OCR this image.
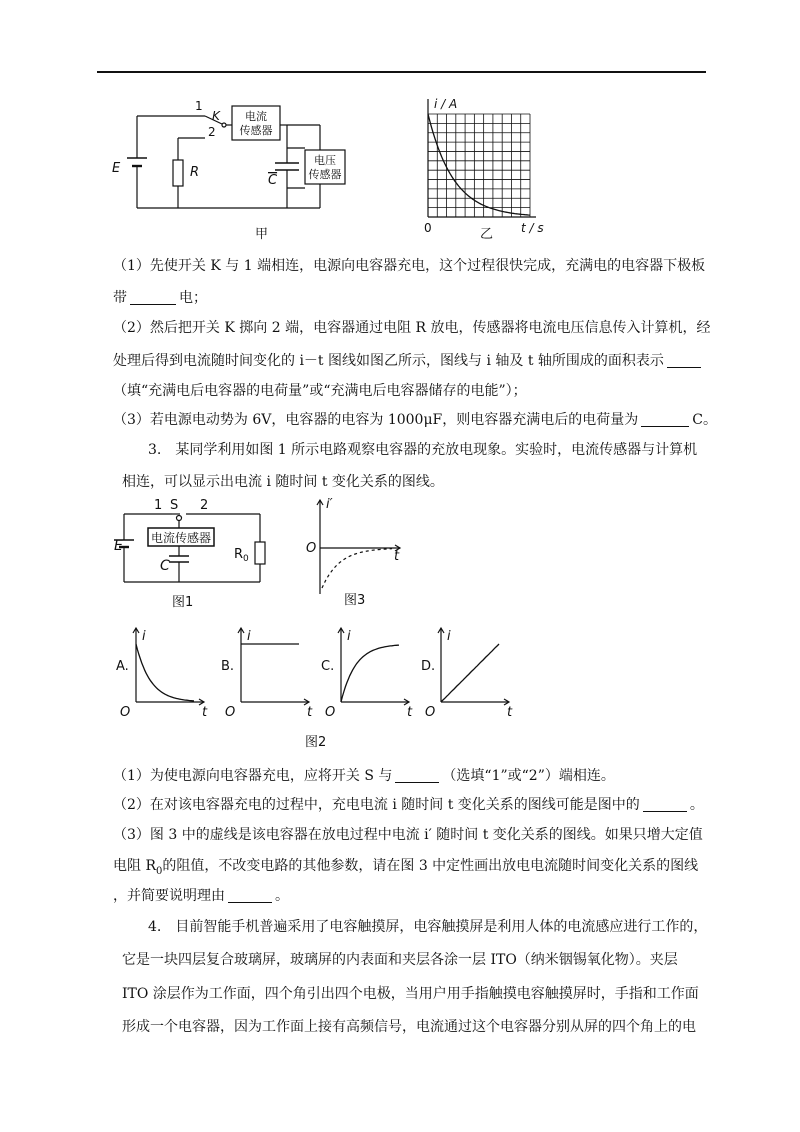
1
K
2
E	R
C
电流
传感器
电压
传感器
甲
i / A
0	t / s
乙
（1）先使开关 K 与 1 端相连，电源向电容器充电，这个过程很快完成，充满电的电容器下极板
带	电；
（2）然后把开关 K 掷向 2 端，电容器通过电阻 R 放电，传感器将电流电压信息传入计算机，经
处理后得到电流随时间变化的 i－t 图线如图乙所示，图线与 i 轴及 t 轴所围成的面积表示
（填“充满电后电容器的电荷量”或“充满电后电容器储存的电能”）；
（3）若电源电动势为 6V，电容器的电容为 1000μF，则电容器充满电后的电荷量为	C。
3.　某同学利用如图 1 所示电路观察电容器的充放电现象。实验时，电流传感器与计算机
相连，可以显示出电流 i 随时间 t 变化关系的图线。
1 S 2
E 电流传感器
C
$R_0$
图1
i′
O
t
图3
A.
i
O	t
B.
i
O	t
C.
i
O	t
D.
i
O	t
图2
（1）为使电源向电容器充电，应将开关 S 与	（选填“1”或“2”）端相连。
（2）在对该电容器充电的过程中，充电电流 i 随时间 t 变化关系的图线可能是图中的	。
（3）图 3 中的虚线是该电容器在放电过程中电流 i′ 随时间 t 变化关系的图线。如果只增大定值
电阻 $R_0$的阻值，不改变电路的其他参数，请在图 3 中定性画出放电电流随时间变化关系的图线
，并简要说明理由	。
4.　目前智能手机普遍采用了电容触摸屏，电容触摸屏是利用人体的电流感应进行工作的，
它是一块四层复合玻璃屏，玻璃屏的内表面和夹层各涂一层 ITO（纳米铟锡氧化物）。夹层
ITO 涂层作为工作面，四个角引出四个电极，当用户用手指触摸电容触摸屏时，手指和工作面
形成一个电容器，因为工作面上接有高频信号，电流通过这个电容器分别从屏的四个角上的电
